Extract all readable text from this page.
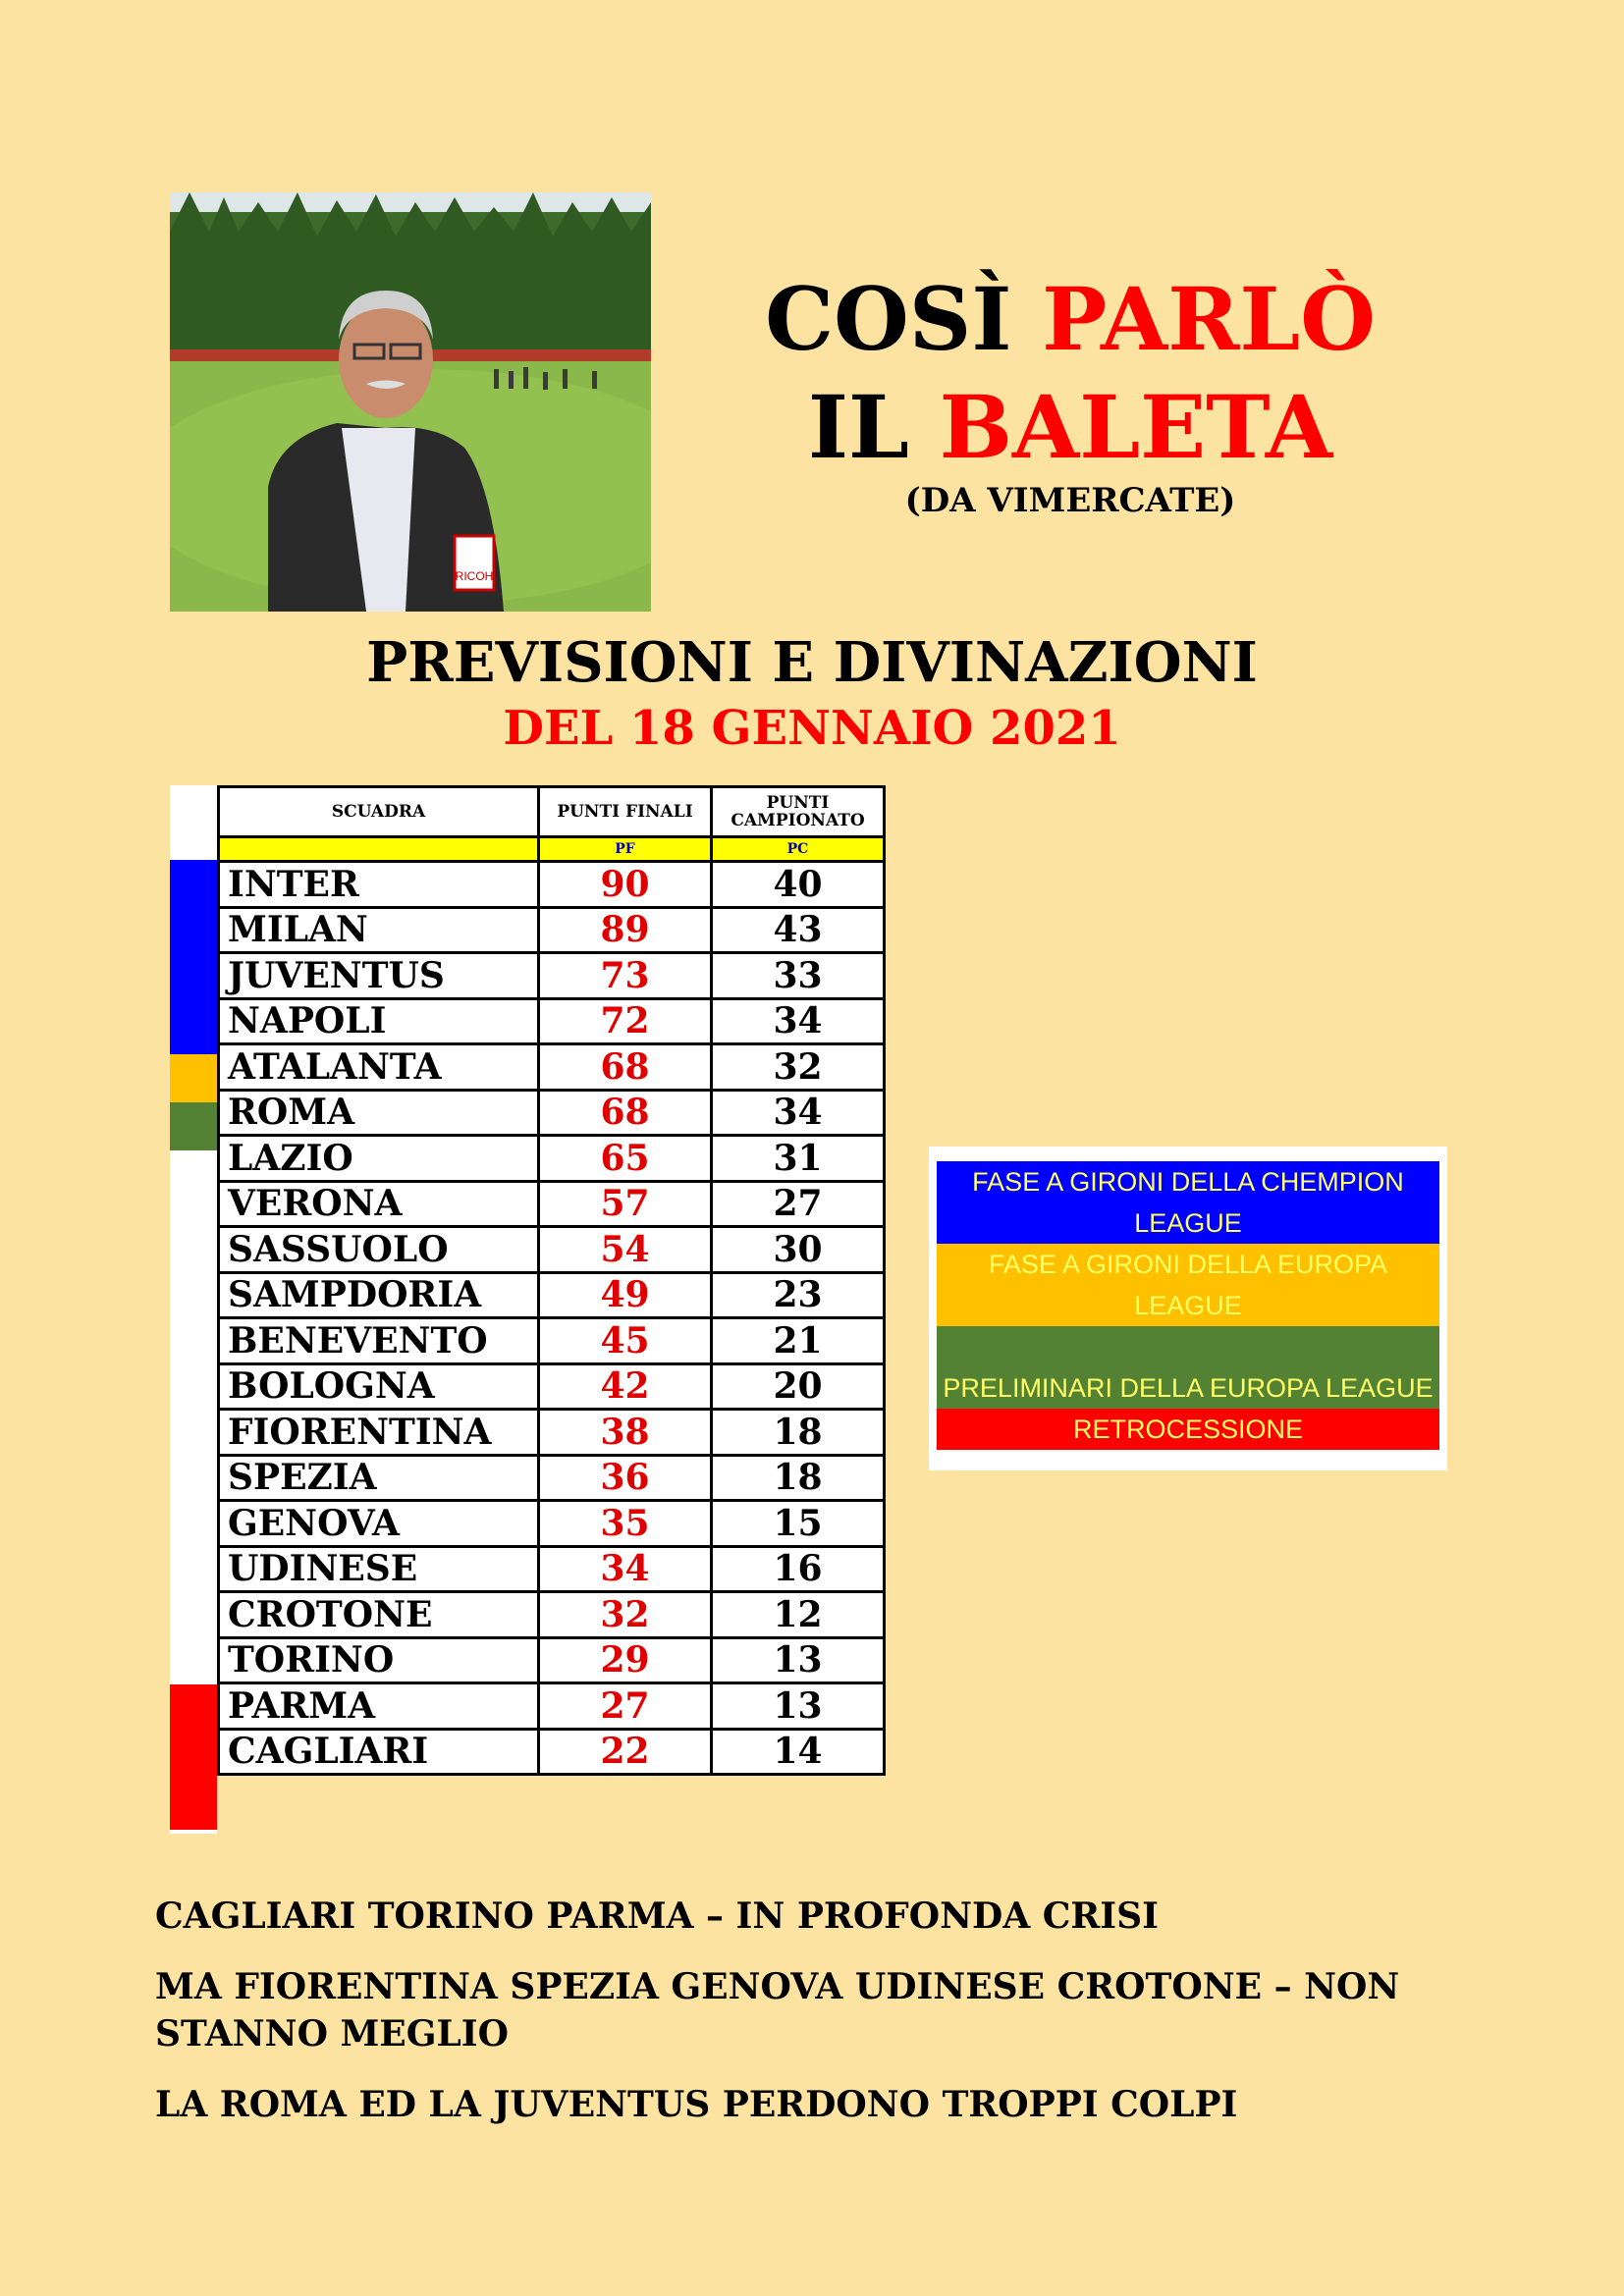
RICOH
COSÌ PARLÒ
IL BALETA
(DA VIMERCATE)
PREVISIONI E DIVINAZIONI
DEL 18 GENNAIO 2021
SCUADRA	PUNTI FINALI	PUNTI CAMPIONATO
	PF	PC
INTER	90	40
MILAN	89	43
JUVENTUS	73	33
NAPOLI	72	34
ATALANTA	68	32
ROMA	68	34
LAZIO	65	31
VERONA	57	27
SASSUOLO	54	30
SAMPDORIA	49	23
BENEVENTO	45	21
BOLOGNA	42	20
FIORENTINA	38	18
SPEZIA	36	18
GENOVA	35	15
UDINESE	34	16
CROTONE	32	12
TORINO	29	13
PARMA	27	13
CAGLIARI	22	14
FASE A GIRONI DELLA CHEMPION LEAGUE
FASE A GIRONI DELLA EUROPA LEAGUE
PRELIMINARI DELLA EUROPA LEAGUE
RETROCESSIONE

CAGLIARI TORINO PARMA – IN PROFONDA CRISI

MA FIORENTINA SPEZIA GENOVA UDINESE CROTONE – NON STANNO MEGLIO

LA ROMA ED LA JUVENTUS PERDONO TROPPI COLPI
